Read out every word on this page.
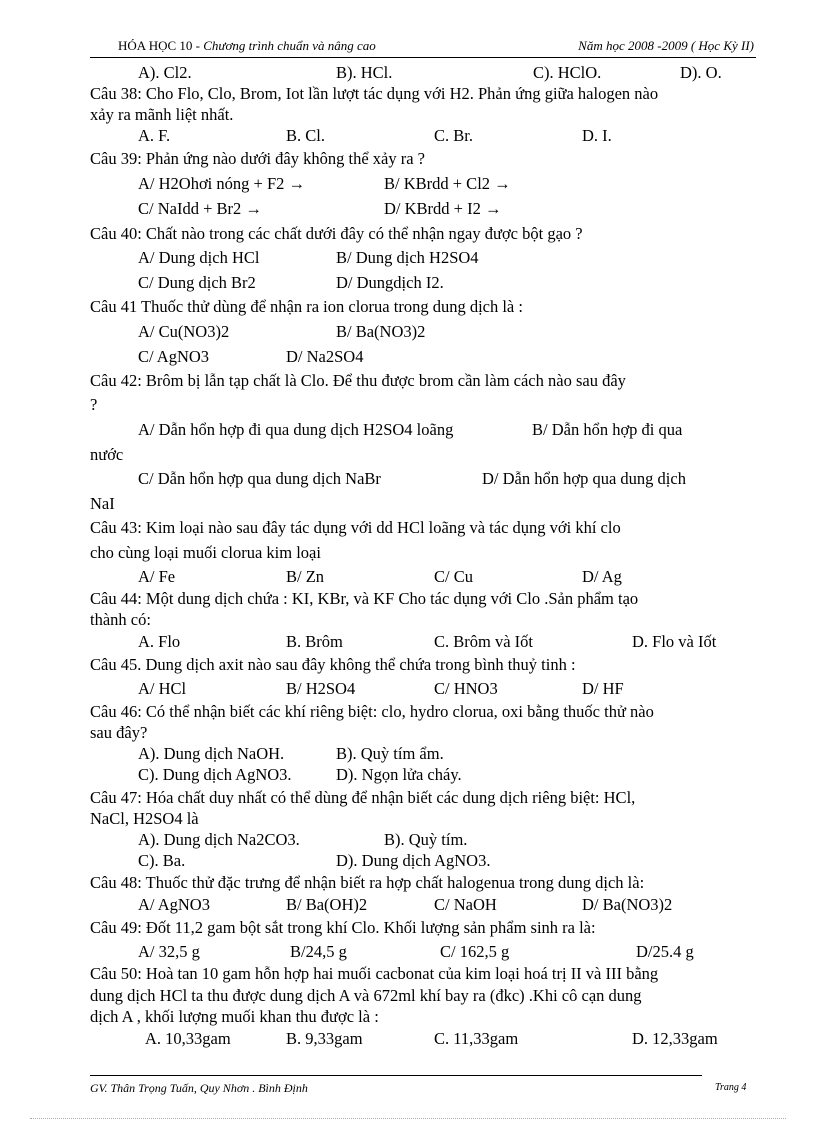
HÓA HỌC 10 - Chương trình chuẩn và nâng cao	Năm học 2008 -2009 ( Học Kỳ II)
A). Cl2.	B). HCl.	C). HClO.	D). O.
Câu 38: Cho Flo, Clo, Brom, Iot lần lượt tác dụng với H2. Phản ứng giữa halogen nào
xảy ra mãnh liệt nhất.
A. F.	B. Cl.	C. Br.	D. I.
Câu 39: Phản ứng nào dưới đây không thể xảy ra ?
A/ H2Ohơi nóng + F2 →	B/ KBrdd + Cl2 →
C/ NaIdd + Br2 →	D/ KBrdd + I2 →
Câu 40: Chất nào trong các chất dưới đây có thể nhận ngay được bột gạo ?
A/ Dung dịch HCl	B/ Dung dịch H2SO4
C/ Dung dịch Br2	D/ Dungdịch I2.
Câu 41 Thuốc thử dùng để nhận ra ion clorua trong dung dịch là :
A/ Cu(NO3)2	B/ Ba(NO3)2
C/ AgNO3	D/ Na2SO4
Câu 42: Brôm bị lẫn tạp chất là Clo. Để thu được brom cần làm cách nào sau đây
?
A/ Dẫn hổn hợp đi qua dung dịch H2SO4 loãng	B/ Dẫn hổn hợp đi qua
nước
C/ Dẫn hổn hợp qua dung dịch NaBr	D/ Dẫn hổn hợp qua dung dịch
NaI
Câu 43: Kim loại nào sau đây tác dụng với dd HCl loãng và tác dụng với khí clo
cho cùng loại muối clorua kim loại
A/ Fe	B/ Zn	C/ Cu	D/ Ag
Câu 44: Một dung dịch chứa : KI, KBr, và KF Cho tác dụng với Clo .Sản phẩm tạo
thành có:
A. Flo	B. Brôm	C. Brôm và Iốt	D. Flo và Iốt
Câu 45. Dung dịch axit nào sau đây không thể chứa trong bình thuỷ tinh :
A/ HCl	B/ H2SO4	C/ HNO3	D/ HF
Câu 46: Có thể nhận biết các khí riêng biệt: clo, hydro clorua, oxi bằng thuốc thử nào
sau đây?
A). Dung dịch NaOH.	B). Quỳ tím ẩm.
C). Dung dịch AgNO3.	D). Ngọn lửa cháy.
Câu 47: Hóa chất duy nhất có thể dùng để nhận biết các dung dịch riêng biệt: HCl,
NaCl, H2SO4 là
A). Dung dịch Na2CO3.	B). Quỳ tím.
C). Ba.	D). Dung dịch AgNO3.
Câu 48: Thuốc thử đặc trưng để nhận biết ra hợp chất halogenua trong dung dịch là:
A/ AgNO3	B/ Ba(OH)2	C/ NaOH	D/ Ba(NO3)2
Câu 49: Đốt 11,2 gam bột sắt trong khí Clo. Khối lượng sản phẩm sinh ra là:
A/ 32,5 g	B/24,5 g	C/ 162,5 g	D/25.4 g
Câu 50: Hoà tan 10 gam hỗn hợp hai muối cacbonat của kim loại hoá trị II và III bằng
dung dịch HCl ta thu được dung dịch A và 672ml khí bay ra (đkc) .Khi cô cạn dung
dịch A , khối lượng muối khan thu được là :
A. 10,33gam	B. 9,33gam	C. 11,33gam	D. 12,33gam
GV. Thân Trọng Tuấn, Quy Nhơn . Bình Định	Trang 4
